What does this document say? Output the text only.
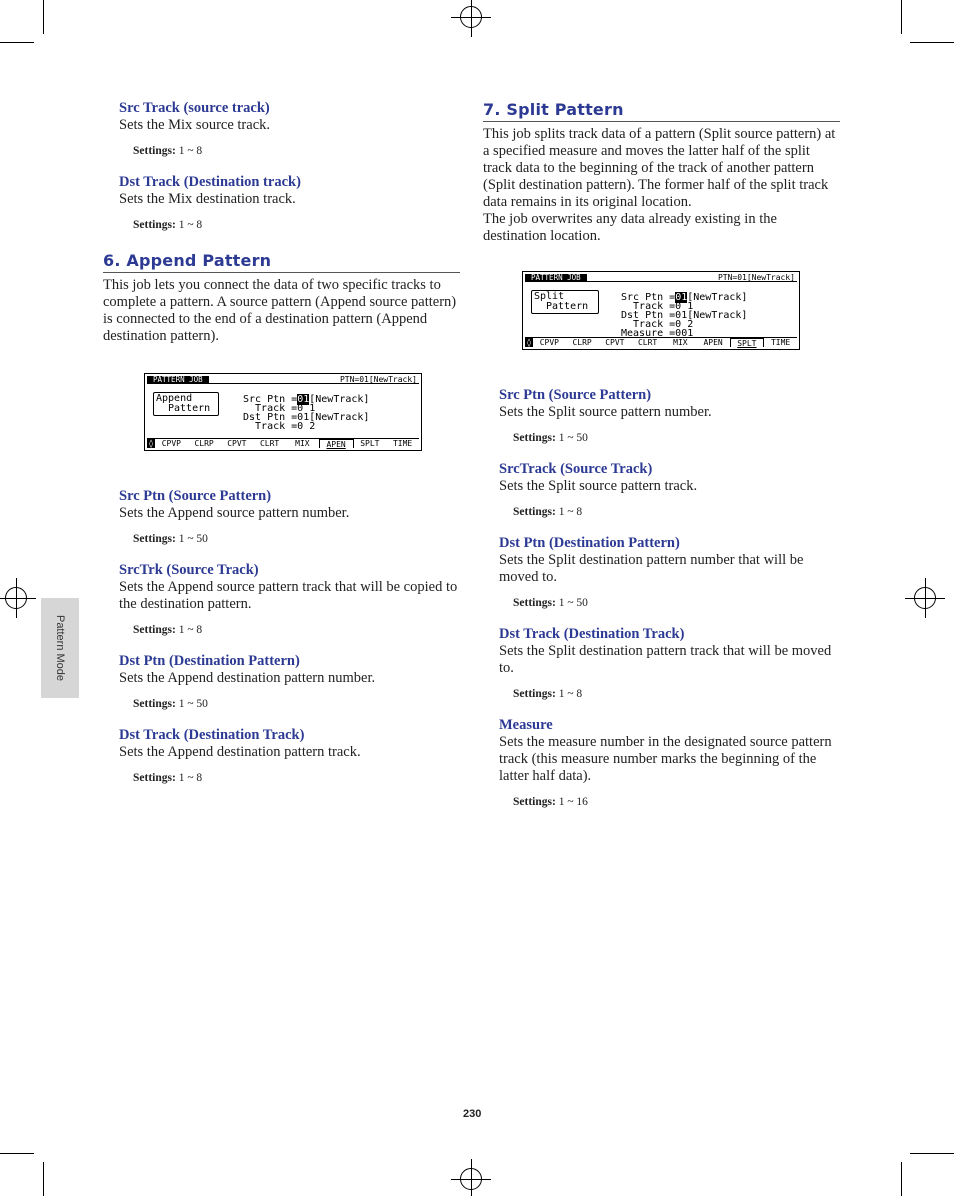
Pattern Mode
Src Track (source track)
Sets the Mix source track.
Settings: 1 ~ 8
Dst Track (Destination track)
Sets the Mix destination track.
Settings: 1 ~ 8
6. Append Pattern
This job lets you connect the data of two specific tracks to complete a pattern. A source pattern (Append source pattern) is connected to the end of a destination pattern (Append destination pattern).
PATTERN JOB	PTN=01[NewTrack]
Append
Pattern
Src Ptn =01[NewTrack]
Track =0 1
Dst Ptn =01[NewTrack]
Track =0 2
◊	CPVP	CLRP	CPVT	CLRT	MIX	APEN	SPLT	TIME
Src Ptn (Source Pattern)
Sets the Append source pattern number.
Settings: 1 ~ 50
SrcTrk (Source Track)
Sets the Append source pattern track that will be copied to the destination pattern.
Settings: 1 ~ 8
Dst Ptn (Destination Pattern)
Sets the Append destination pattern number.
Settings: 1 ~ 50
Dst Track (Destination Track)
Sets the Append destination pattern track.
Settings: 1 ~ 8
7. Split Pattern
This job splits track data of a pattern (Split source pattern) at a specified measure and moves the latter half of the split track data to the beginning of the track of another pattern (Split destination pattern). The former half of the split track data remains in its original location.
The job overwrites any data already existing in the destination location.
PATTERN JOB	PTN=01[NewTrack]
Split
Pattern
Src Ptn =01[NewTrack]
Track =0 1
Dst Ptn =01[NewTrack]
Track =0 2
Measure =001
◊	CPVP	CLRP	CPVT	CLRT	MIX	APEN	SPLT	TIME
Src Ptn (Source Pattern)
Sets the Split source pattern number.
Settings: 1 ~ 50
SrcTrack (Source Track)
Sets the Split source pattern track.
Settings: 1 ~ 8
Dst Ptn (Destination Pattern)
Sets the Split destination pattern number that will be moved to.
Settings: 1 ~ 50
Dst Track (Destination Track)
Sets the Split destination pattern track that will be moved to.
Settings: 1 ~ 8
Measure
Sets the measure number in the designated source pattern track (this measure number marks the beginning of the latter half data).
Settings: 1 ~ 16
230
